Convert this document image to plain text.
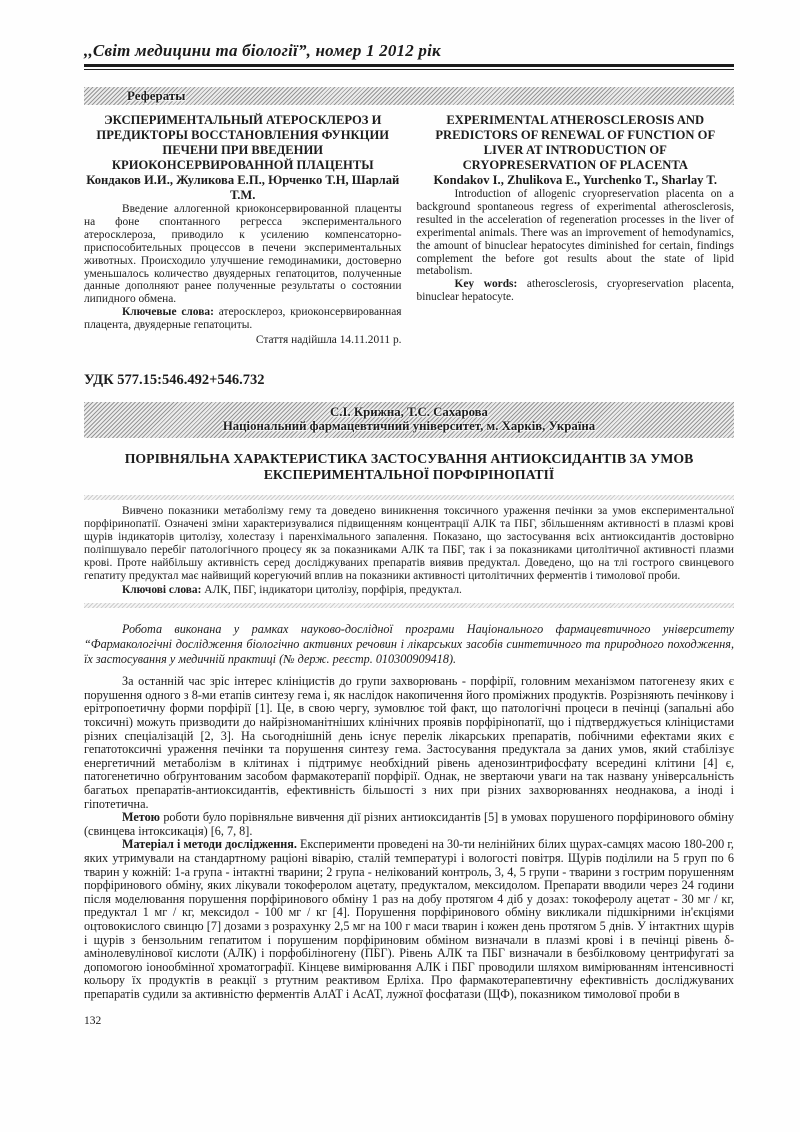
,,Світ медицини та біології”, номер 1 2012 рік
Рефераты
ЭКСПЕРИМЕНТАЛЬНЫЙ АТЕРОСКЛЕРОЗ И ПРЕДИКТОРЫ ВОССТАНОВЛЕНИЯ ФУНКЦИИ ПЕЧЕНИ ПРИ ВВЕДЕНИИ КРИОКОНСЕРВИРОВАННОЙ ПЛАЦЕНТЫ
Кондаков И.И., Жуликова Е.П., Юрченко Т.Н, Шарлай Т.М.

Введение аллогенной криоконсервированной плаценты на фоне спонтанного регресса экспериментального атеросклероза, приводило к усилению компенсаторно-приспособительных процессов в печени экспериментальных животных. Происходило улучшение гемодинамики, достоверно уменьшалось количество двуядерных гепатоцитов, полученные данные дополняют ранее полученные результаты о состоянии липидного обмена.

Ключевые слова: атеросклероз, криоконсервированная плацента, двуядерные гепатоциты.

Стаття надійшла 14.11.2011 р.
EXPERIMENTAL ATHEROSCLEROSIS AND PREDICTORS OF RENEWAL OF FUNCTION OF LIVER AT INTRODUCTION OF CRYOPRESERVATION OF PLACENTA
Kondakov I., Zhulikova E., Yurchenko T., Sharlay T.

Introduction of allogenic cryopreservation placenta on a background spontaneous regress of experimental atherosclerosis, resulted in the acceleration of regeneration processes in the liver of experimental animals. There was an improvement of hemodynamics, the amount of binuclear hepatocytes diminished for certain, findings complement the before got results about the state of lipid metabolism.

Key words: atherosclerosis, cryopreservation placenta, binuclear hepatocyte.

УДК 577.15:546.492+546.732
С.І. Крижна, Т.С. Сахарова
Національний фармацевтичний університет, м. Харків, Україна
ПОРІВНЯЛЬНА ХАРАКТЕРИСТИКА ЗАСТОСУВАННЯ АНТИОКСИДАНТІВ ЗА УМОВ ЕКСПЕРИМЕНТАЛЬНОЇ ПОРФІРІНОПАТІЇ

Вивчено показники метаболізму гему та доведено виникнення токсичного ураження печінки за умов експериментальної порфіринопатії. Означені зміни характеризувалися підвищенням концентрації АЛК та ПБГ, збільшенням активності в плазмі крові щурів індикаторів цитолізу, холестазу і паренхімального запалення. Показано, що застосування всіх антиоксидантів достовірно поліпшувало перебіг патологічного процесу як за показниками АЛК та ПБГ, так і за показниками цитолітичної активності плазми крові. Проте найбільшу активність серед досліджуваних препаратів виявив предуктал. Доведено, що на тлі гострого свинцевого гепатиту предуктал має найвищий корегуючий вплив на показники активності цитолітичних ферментів і тимолової проби.

Ключові слова: АЛК, ПБГ, індикатори цитолізу, порфірія, предуктал.

Робота виконана у рамках науково-дослідної програми Національного фармацевтичного університету “Фармакологічні дослідження біологічно активних речовин і лікарських засобів синтетичного та природного походження, їх застосування у медичній практиці (№ держ. реєстр. 010300909418).

За останній час зріс інтерес клініцистів до групи захворювань - порфірії, головним механізмом патогенезу яких є порушення одного з 8-ми етапів синтезу гема і, як наслідок накопичення його проміжних продуктів. Розрізняють печінкову і ерітропоетичну форми порфірії [1]. Це, в свою чергу, зумовлює той факт, що патологічні процеси в печінці (запальні або токсичні) можуть призводити до найрізноманітніших клінічних проявів порфірінопатії, що і підтверджується клініцистами різних спеціалізацій [2, 3]. На сьогоднішній день існує перелік лікарських препаратів, побічними ефектами яких є гепатотоксичні ураження печінки та порушення синтезу гема. Застосування предуктала за даних умов, який стабілізує енергетичний метаболізм в клітинах і підтримує необхідний рівень аденозинтрифосфату всередині клітини [4] є, патогенетично обґрунтованим засобом фармакотерапії порфірії. Однак, не звертаючи уваги на так названу універсальність багатьох препаратів-антиоксидантів, ефективність більшості з них при різних захворюваннях неоднакова, а іноді і гіпотетична.

Метою роботи було порівняльне вивчення дії різних антиоксидантів [5] в умовах порушеного порфіринового обміну (свинцева інтоксикація) [6, 7, 8].

Матеріал і методи дослідження. Експерименти проведені на 30-ти нелінійних білих щурах-самцях масою 180-200 г, яких утримували на стандартному раціоні віварію, сталій температурі і вологості повітря. Щурів поділили на 5 груп по 6 тварин у кожній: 1-а група - інтактні тварини; 2 група - нелікований контроль, 3, 4, 5 групи - тварини з гострим порушенням порфіринового обміну, яких лікували токоферолом ацетату, предукталом, мексидолом. Препарати вводили через 24 години після моделювання порушення порфіринового обміну 1 раз на добу протягом 4 діб у дозах: токоферолу ацетат - 30 мг / кг, предуктал 1 мг / кг, мексидол - 100 мг / кг [4]. Порушення порфіринового обміну викликали підшкірними ін'єкціями оцтовокислого свинцю [7] дозами з розрахунку 2,5 мг на 100 г маси тварин і кожен день протягом 5 днів. У інтактних щурів і щурів з бензольним гепатитом і порушеним порфіриновим обміном визначали в плазмі крові і в печінці рівень δ-амінолевулінової кислоти (АЛК) і порфобіліногену (ПБГ). Рівень АЛК та ПБГ визначали в безбілковому центрифугаті за допомогою іонообмінної хроматографії. Кінцеве вимірювання АЛК і ПБГ проводили шляхом вимірюванням інтенсивності кольору їх продуктів в реакції з ртутним реактивом Ерліха. Про фармакотерапевтичну ефективність досліджуваних препаратів судили за активністю ферментів АлАТ і АсАТ, лужної фосфатази (ЩФ), показником тимолової проби в

132
